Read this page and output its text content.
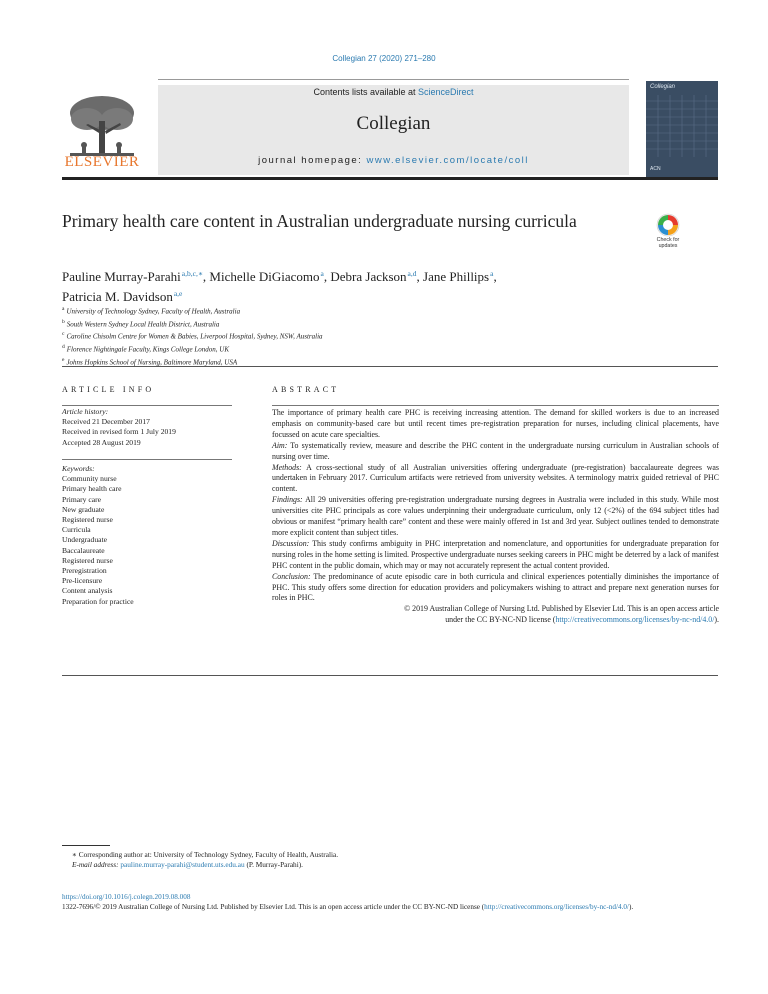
Collegian 27 (2020) 271–280
ELSEVIER
Contents lists available at ScienceDirect
Collegian
journal homepage: www.elsevier.com/locate/coll
Collegian
ACN
Primary health care content in Australian undergraduate nursing curricula
Check for
updates
Pauline Murray-Parahi$^{a,b,c,∗}$, Michelle DiGiacomo$^a$, Debra Jackson$^{a,d}$, Jane Phillips$^a$,
Patricia M. Davidson$^{a,e}$
$^a$ University of Technology Sydney, Faculty of Health, Australia
$^b$ South Western Sydney Local Health District, Australia
$^c$ Caroline Chisolm Centre for Women & Babies, Liverpool Hospital, Sydney, NSW, Australia
$^d$ Florence Nightingale Faculty, Kings College London, UK
$^e$ Johns Hopkins School of Nursing, Baltimore Maryland, USA
ARTICLE INFO
Article history:
Received 21 December 2017
Received in revised form 1 July 2019
Accepted 28 August 2019
Keywords:
Community nurse
Primary health care
Primary care
New graduate
Registered nurse
Curricula
Undergraduate
Baccalaureate
Registered nurse
Preregistration
Pre-licensure
Content analysis
Preparation for practice
ABSTRACT

The importance of primary health care PHC is receiving increasing attention. The demand for skilled workers is due to an increased emphasis on community-based care but until recent times pre-registration preparation for nurses, including clinical placements, have focussed on acute care specialties.

Aim: To systematically review, measure and describe the PHC content in the undergraduate nursing curriculum in Australian schools of nursing over time.

Methods: A cross-sectional study of all Australian universities offering undergraduate (pre-registration) baccalaureate degrees was undertaken in February 2017. Curriculum artifacts were retrieved from university websites. A terminology matrix guided retrieval of PHC content.

Findings: All 29 universities offering pre-registration undergraduate nursing degrees in Australia were included in this study. While most universities cite PHC principals as core values underpinning their undergraduate curriculum, only 12 (<2%) of the 694 subject titles had obvious or manifest “primary health care” content and these were mainly offered in 1st and 3rd year. Subject outlines tended to demonstrate more explicit content than subject titles.

Discussion: This study confirms ambiguity in PHC interpretation and nomenclature, and opportunities for undergraduate preparation for nursing roles in the home setting is limited. Prospective undergraduate nurses seeking careers in PHC might be deterred by a lack of manifest PHC content in the public domain, which may or may not accurately represent the actual content provided.

Conclusion: The predominance of acute episodic care in both curricula and clinical experiences potentially diminishes the importance of PHC. This study offers some direction for education providers and policymakers wishing to attract and prepare next generation nurses for roles in PHC.

© 2019 Australian College of Nursing Ltd. Published by Elsevier Ltd. This is an open access article
under the CC BY-NC-ND license (http://creativecommons.org/licenses/by-nc-nd/4.0/).

∗ Corresponding author at: University of Technology Sydney, Faculty of Health, Australia.
E-mail address: pauline.murray-parahi@student.uts.edu.au (P. Murray-Parahi).
https://doi.org/10.1016/j.colegn.2019.08.008
1322-7696/© 2019 Australian College of Nursing Ltd. Published by Elsevier Ltd. This is an open access article under the CC BY-NC-ND license (http://creativecommons.org/licenses/by-nc-nd/4.0/).
